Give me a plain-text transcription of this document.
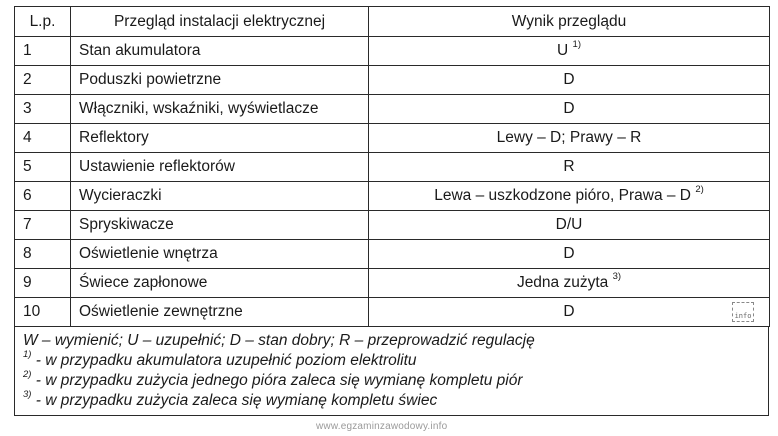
L.p.	Przegląd instalacji elektrycznej	Wynik przeglądu
1	Stan akumulatora	U $^{1)}$
2	Poduszki powietrzne	D
3	Włączniki, wskaźniki, wyświetlacze	D
4	Reflektory	Lewy – D; Prawy – R
5	Ustawienie reflektorów	R
6	Wycieraczki	Lewa – uszkodzone pióro, Prawa – D $^{2)}$
7	Spryskiwacze	D/U
8	Oświetlenie wnętrza	D
9	Świece zapłonowe	Jedna zużyta $^{3)}$
10	Oświetlenie zewnętrzne	D
W – wymienić; U – uzupełnić; D – stan dobry; R – przeprowadzić regulację
$^{1)}$ - w przypadku akumulatora uzupełnić poziom elektrolitu
$^{2)}$ - w przypadku zużycia jednego pióra zaleca się wymianę kompletu piór
$^{3)}$ - w przypadku zużycia zaleca się wymianę kompletu świec

info
www.egzaminzawodowy.info
